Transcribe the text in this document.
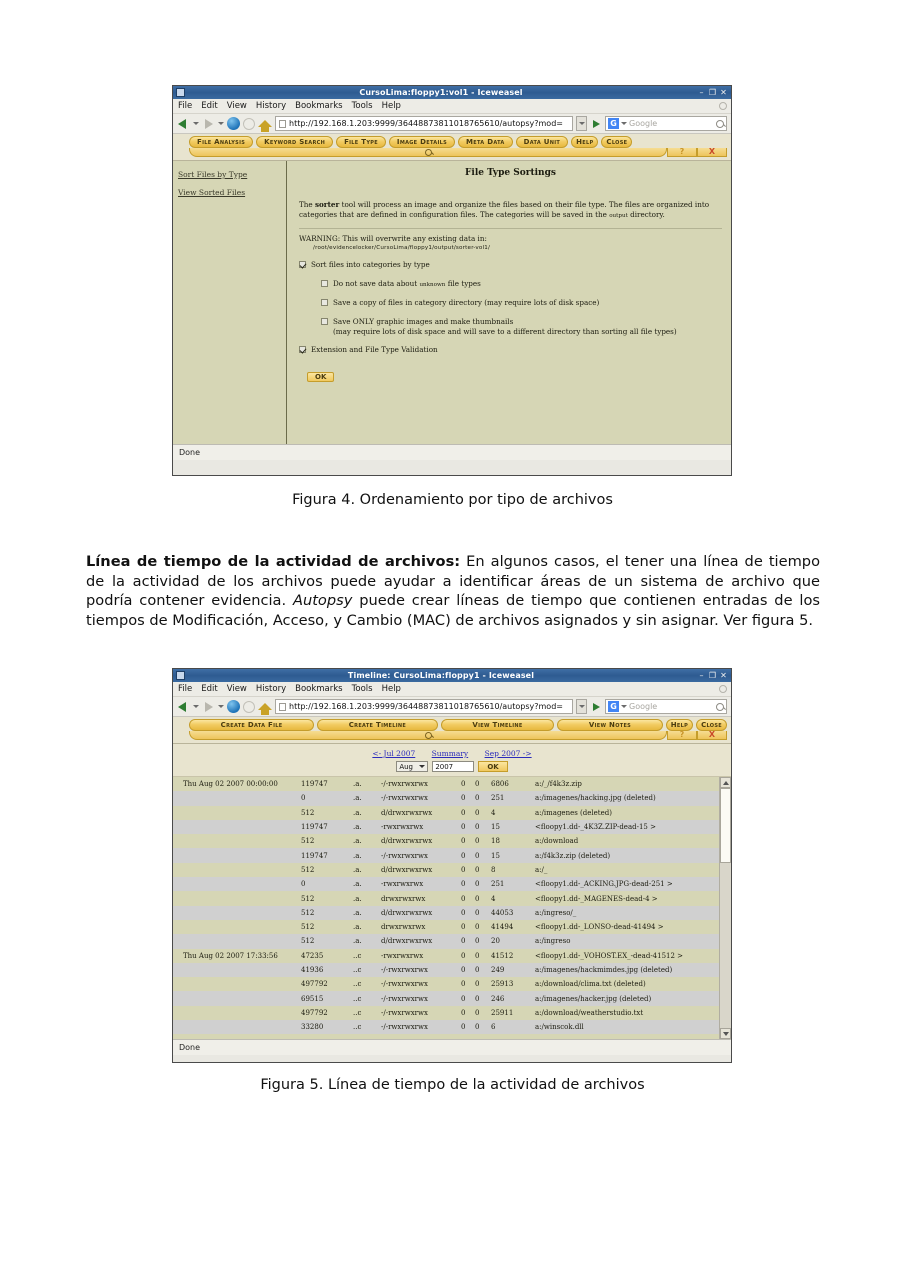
CursoLima:floppy1:vol1 - Iceweasel	– ❐ ✕
File Edit View History Bookmarks Tools Help
http://192.168.1.203:9999/36448873811018765610/autopsy?mod=	G Google
File Analysis	Keyword Search	File Type	Image Details	Meta Data	Data Unit	Help	Close
?	X
Sort Files by Type
View Sorted Files
File Type Sortings
The sorter tool will process an image and organize the files based on their file type. The files are organized into categories that are defined in configuration files. The categories will be saved in the output directory.
WARNING: This will overwrite any existing data in:
/root/evidencelocker/CursoLima/floppy1/output/sorter-vol1/
Sort files into categories by type
Do not save data about unknown file types
Save a copy of files in category directory (may require lots of disk space)
Save ONLY graphic images and make thumbnails
(may require lots of disk space and will save to a different directory than sorting all file types)
Extension and File Type Validation
OK
Done
Figura 4. Ordenamiento por tipo de archivos
Línea de tiempo de la actividad de archivos: En algunos casos, el tener una línea de tiempo de la actividad de los archivos puede ayudar a identificar áreas de un sistema de archivo que podría contener evidencia. Autopsy puede crear líneas de tiempo que contienen entradas de los tiempos de Modificación, Acceso, y Cambio (MAC) de archivos asignados y sin asignar. Ver figura 5.
Timeline: CursoLima:floppy1 - Iceweasel	– ❐ ✕
File Edit View History Bookmarks Tools Help
http://192.168.1.203:9999/36448873811018765610/autopsy?mod=	G Google
Create Data File	Create Timeline	View Timeline	View Notes	Help	Close
?	X
<- Jul 2007 Summary Sep 2007 ->
Aug	2007	OK
Thu Aug 02 2007 00:00:00	119747	.a.	-/-rwxrwxrwx	0	0	6806	a:/_/f4k3z.zip
0	.a.	-/-rwxrwxrwx	0	0	251	a:/imagenes/hacking.jpg (deleted)
512	.a.	d/drwxrwxrwx	0	0	4	a:/imagenes (deleted)
119747	.a.	-rwxrwxrwx	0	0	15	<floopy1.dd-_4K3Z.ZIP-dead-15 >
512	.a.	d/drwxrwxrwx	0	0	18	a:/download
119747	.a.	-/-rwxrwxrwx	0	0	15	a:/f4k3z.zip (deleted)
512	.a.	d/drwxrwxrwx	0	0	8	a:/_
0	.a.	-rwxrwxrwx	0	0	251	<floopy1.dd-_ACKING.JPG-dead-251 >
512	.a.	drwxrwxrwx	0	0	4	<floopy1.dd-_MAGENES-dead-4 >
512	.a.	d/drwxrwxrwx	0	0	44053	a:/ingreso/_
512	.a.	drwxrwxrwx	0	0	41494	<floopy1.dd-_LONSO-dead-41494 >
512	.a.	d/drwxrwxrwx	0	0	20	a:/ingreso
Thu Aug 02 2007 17:33:56	47235	..c	-rwxrwxrwx	0	0	41512	<floopy1.dd-_VOHOST.EX_-dead-41512 >
41936	..c	-/-rwxrwxrwx	0	0	249	a:/imagenes/hackmimdes.jpg (deleted)
497792	..c	-/-rwxrwxrwx	0	0	25913	a:/download/clima.txt (deleted)
69515	..c	-/-rwxrwxrwx	0	0	246	a:/imagenes/hacker.jpg (deleted)
497792	..c	-/-rwxrwxrwx	0	0	25911	a:/download/weatherstudio.txt
33280	..c	-/-rwxrwxrwx	0	0	6	a:/winscok.dll
Done
Figura 5. Línea de tiempo de la actividad de archivos
